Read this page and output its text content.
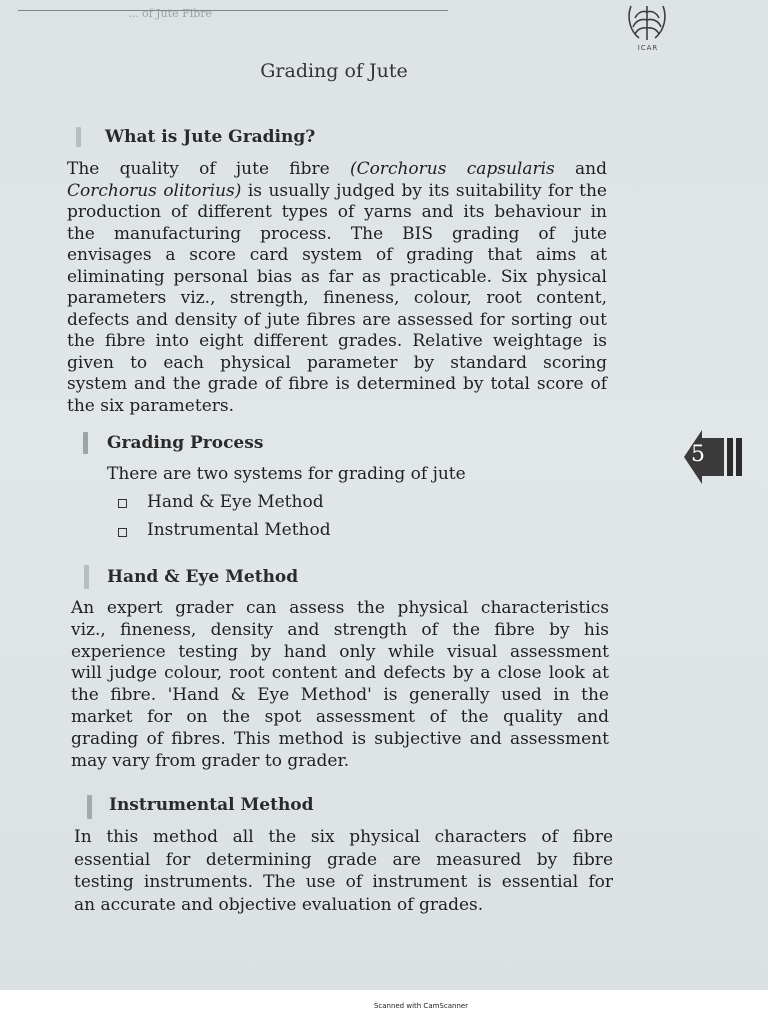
... of Jute Fibre
ICAR
Grading of Jute
What is Jute Grading?
The quality of jute fibre (Corchorus capsularis and
Corchorus olitorius) is usually judged by its suitability for the
production of different types of yarns and its behaviour in
the manufacturing process. The BIS grading of jute
envisages a score card system of grading that aims at
eliminating personal bias as far as practicable. Six physical
parameters viz., strength, fineness, colour, root content,
defects and density of jute fibres are assessed for sorting out
the fibre into eight different grades. Relative weightage is
given to each physical parameter by standard scoring
system and the grade of fibre is determined by total score of
the six parameters.
Grading Process
There are two systems for grading of jute
Hand & Eye Method
Instrumental Method
5
Hand & Eye Method
An expert grader can assess the physical characteristics
viz., fineness, density and strength of the fibre by his
experience testing by hand only while visual assessment
will judge colour, root content and defects by a close look at
the fibre. 'Hand & Eye Method' is generally used in the
market for on the spot assessment of the quality and
grading of fibres. This method is subjective and assessment
may vary from grader to grader.
Instrumental Method
In this method all the six physical characters of fibre
essential for determining grade are measured by fibre
testing instruments. The use of instrument is essential for
an accurate and objective evaluation of grades.
Scanned with CamScanner
